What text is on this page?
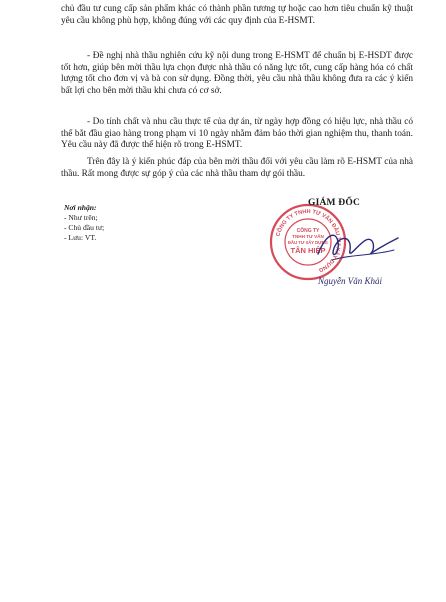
chủ đầu tư cung cấp sản phẩm khác có thành phần tương tự hoặc cao hơn tiêu chuẩn kỹ thuật yêu cầu không phù hợp, không đúng với các quy định của E-HSMT.

- Đề nghị nhà thầu nghiên cứu kỹ nội dung trong E-HSMT để chuẩn bị E-HSDT được tốt hơn, giúp bên mời thầu lựa chọn được nhà thầu có năng lực tốt, cung cấp hàng hóa có chất lượng tốt cho đơn vị và bà con sử dụng. Đồng thời, yêu cầu nhà thầu không đưa ra các ý kiến bất lợi cho bên mời thầu khi chưa có cơ sở.

- Do tính chất và nhu cầu thực tế của dự án, từ ngày hợp đồng có hiệu lực, nhà thầu có thể bắt đầu giao hàng trong phạm vi 10 ngày nhằm đảm bảo thời gian nghiệm thu, thanh toán. Yêu cầu này đã được thể hiện rõ trong E-HSMT.

Trên đây là ý kiến phúc đáp của bên mời thầu đối với yêu cầu làm rõ E-HSMT của nhà thầu. Rất mong được sự góp ý của các nhà thầu tham dự gói thầu.

Nơi nhận:
- Như trên;
- Chủ đầu tư;
- Lưu: VT.	CÔNG TY TNHH TƯ VẤN ĐẦU TƯ XÂY DỰNG
CÔNG TY
TNHH TƯ VẤN
ĐẦU TƯ XÂY DỰNG
TÂN HIỆP
GIÁM ĐỐC
Nguyễn Văn Khải
